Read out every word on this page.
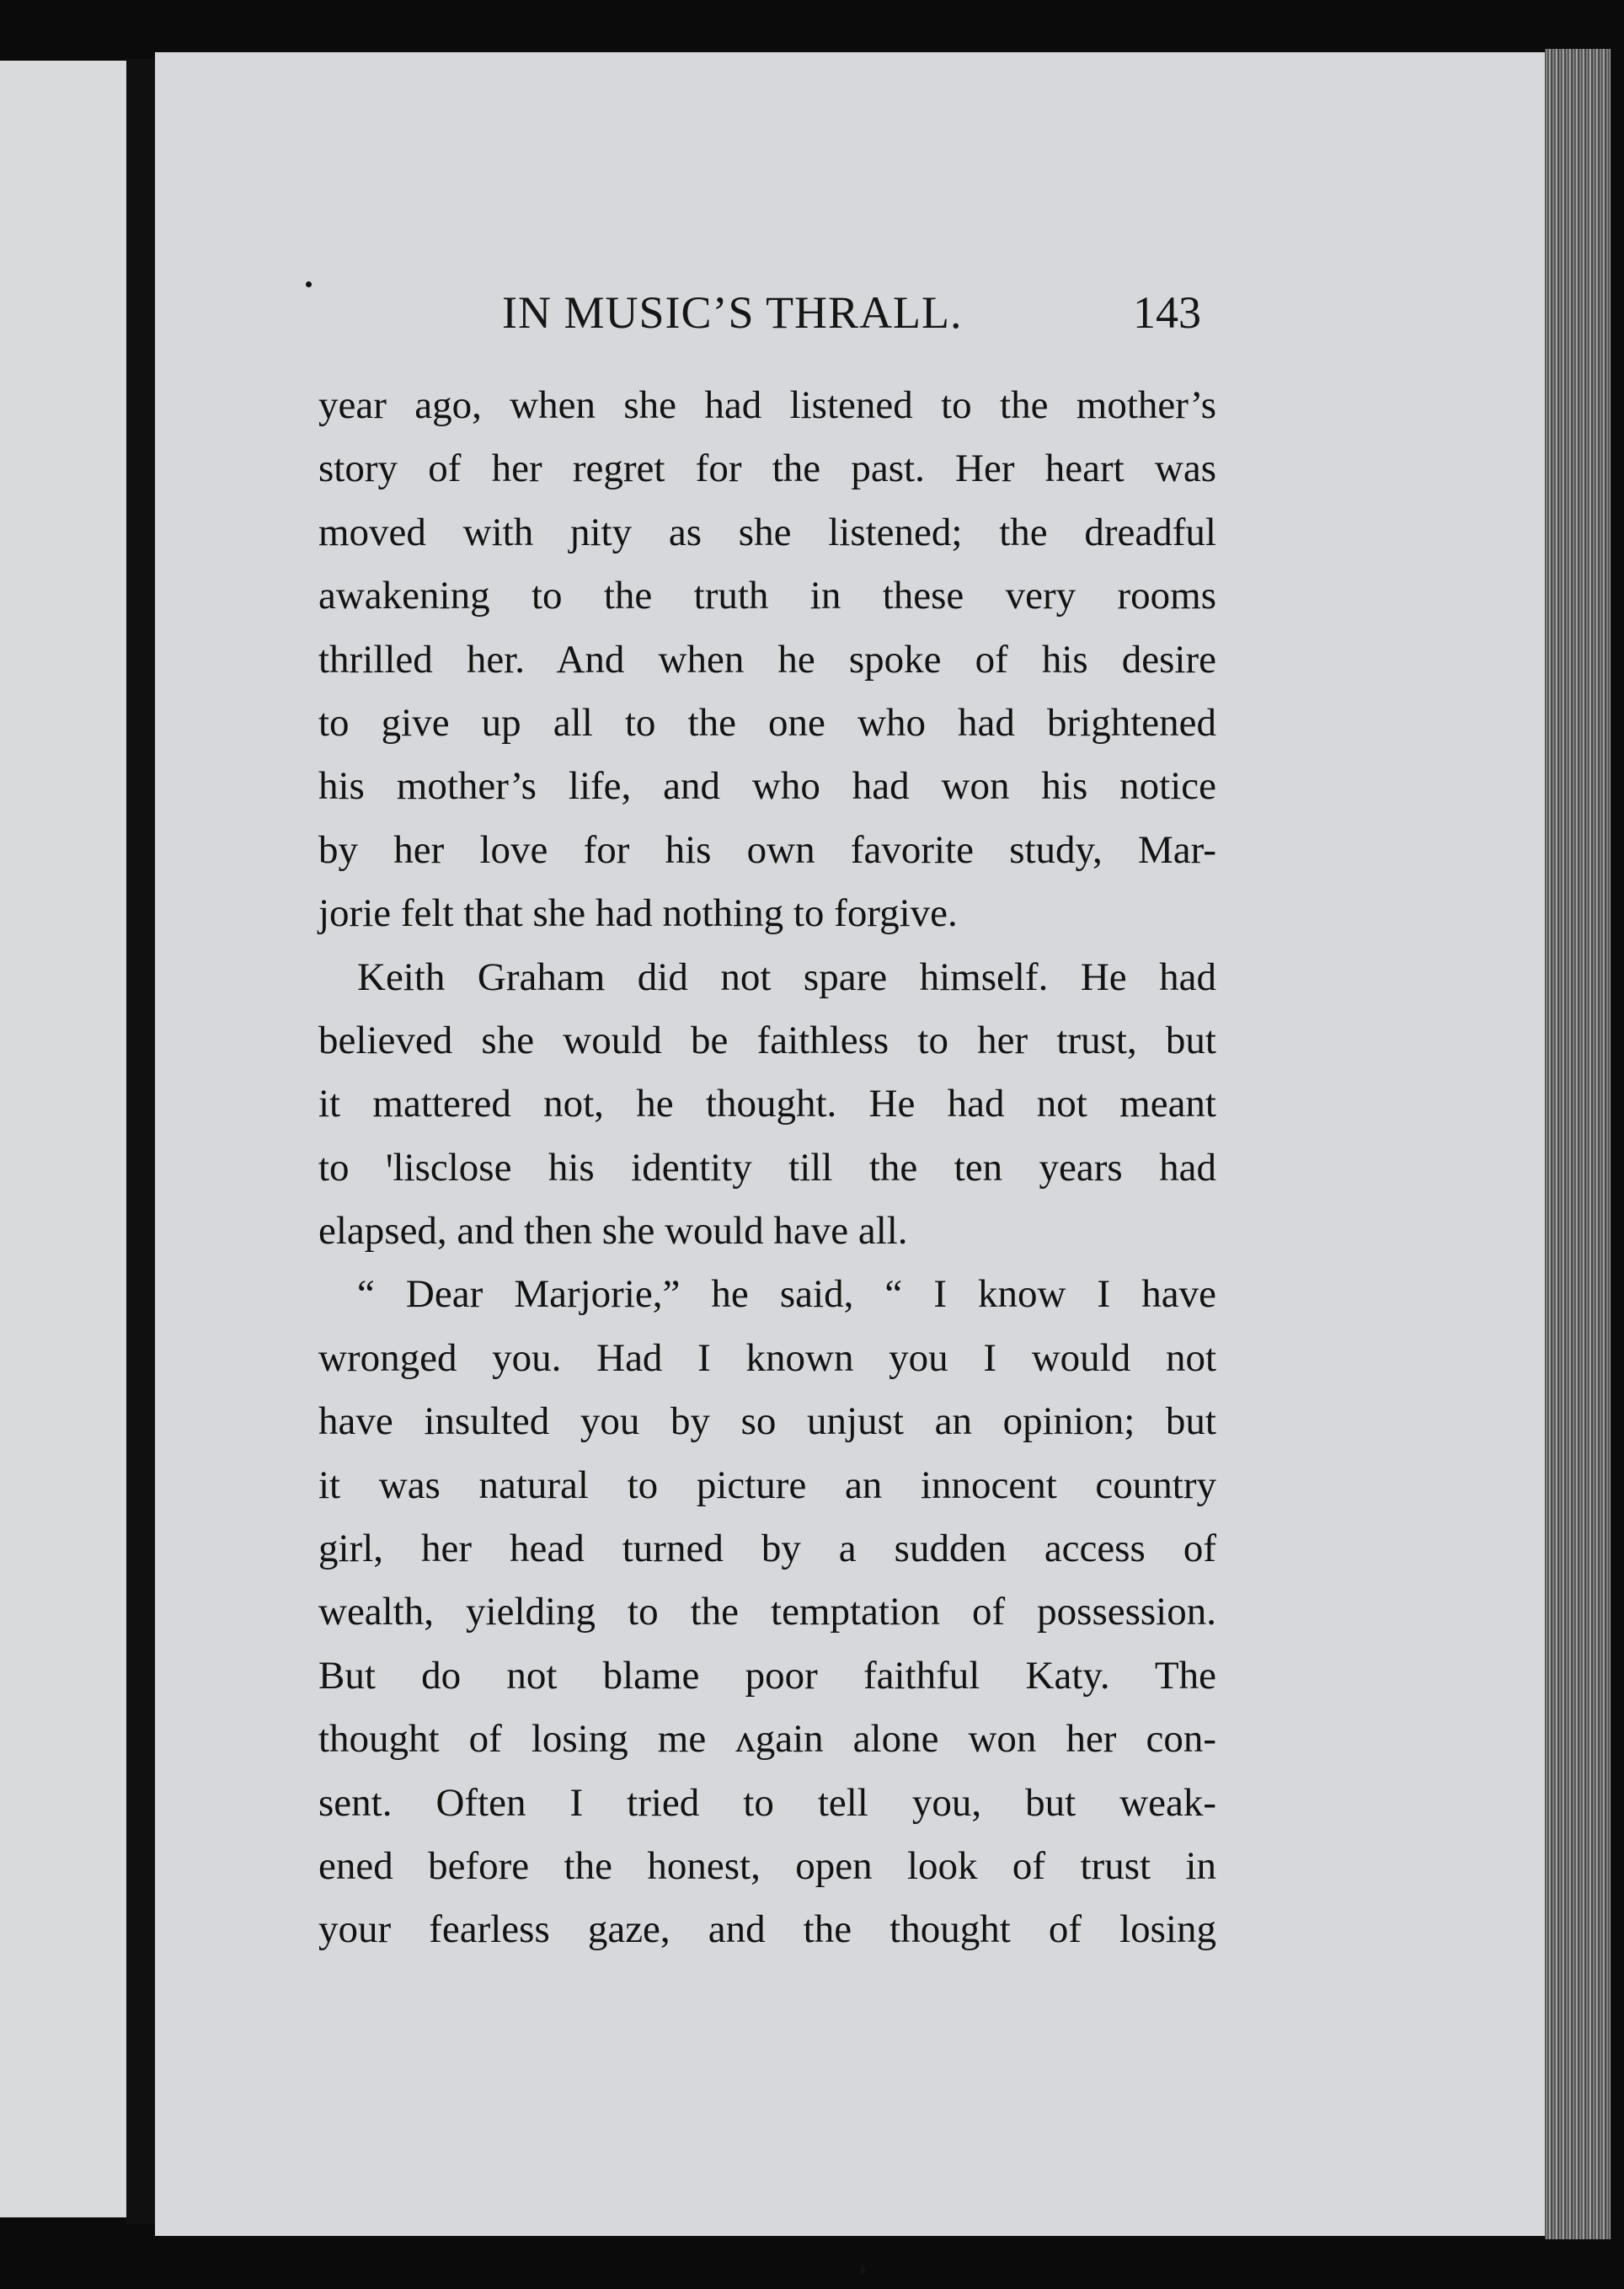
IN MUSIC’S THRALL.	143
year ago, when she had listened to the mother’s
story of her regret for the past. Her heart was
moved with ɲity as she listened; the dreadful
awakening to the truth in these very rooms
thrilled her. And when he spoke of his desire
to give up all to the one who had brightened
his mother’s life, and who had won his notice
by her love for his own favorite study, Mar-
jorie felt that she had nothing to forgive.
Keith Graham did not spare himself. He had
believed she would be faithless to her trust, but
it mattered not, he thought. He had not meant
to ꞌlisclose his identity till the ten years had
elapsed, and then she would have all.
“ Dear Marjorie,” he said, “ I know I have
wronged you. Had I known you I would not
have insulted you by so unjust an opinion; but
it was natural to picture an innocent country
girl, her head turned by a sudden access of
wealth, yielding to the temptation of possession.
But do not blame poor faithful Katy. The
thought of losing me ʌgain alone won her con-
sent. Often I tried to tell you, but weak-
ened before the honest, open look of trust in
your fearless gaze, and the thought of losing
